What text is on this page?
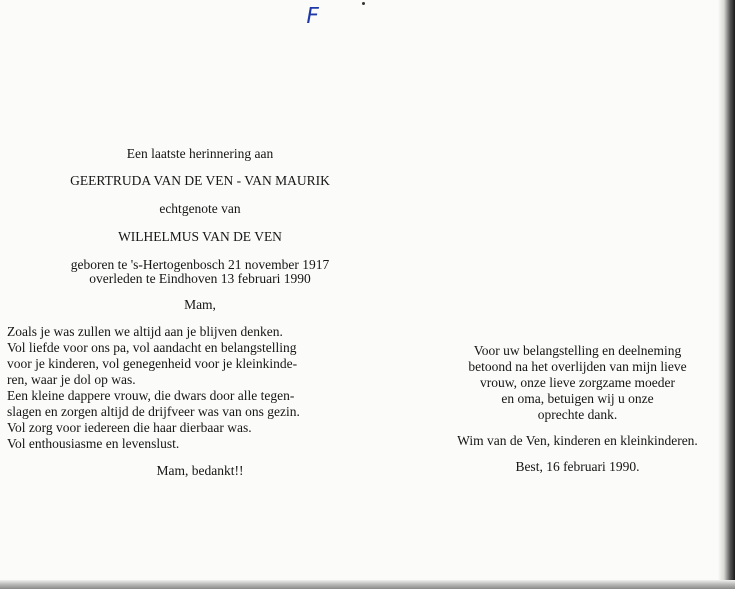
F
Een laatste herinnering aan
GEERTRUDA VAN DE VEN - VAN MAURIK
echtgenote van
WILHELMUS VAN DE VEN
geboren te 's-Hertogenbosch 21 november 1917
overleden te Eindhoven 13 februari 1990
Mam,
Zoals je was zullen we altijd aan je blijven denken.
Vol liefde voor ons pa, vol aandacht en belangstelling
voor je kinderen, vol genegenheid voor je kleinkinde-
ren, waar je dol op was.
Een kleine dappere vrouw, die dwars door alle tegen-
slagen en zorgen altijd de drijfveer was van ons gezin.
Vol zorg voor iedereen die haar dierbaar was.
Vol enthousiasme en levenslust.
Mam, bedankt!!
Voor uw belangstelling en deelneming
betoond na het overlijden van mijn lieve
vrouw, onze lieve zorgzame moeder
en oma, betuigen wij u onze
oprechte dank.
Wim van de Ven, kinderen en kleinkinderen.
Best, 16 februari 1990.
